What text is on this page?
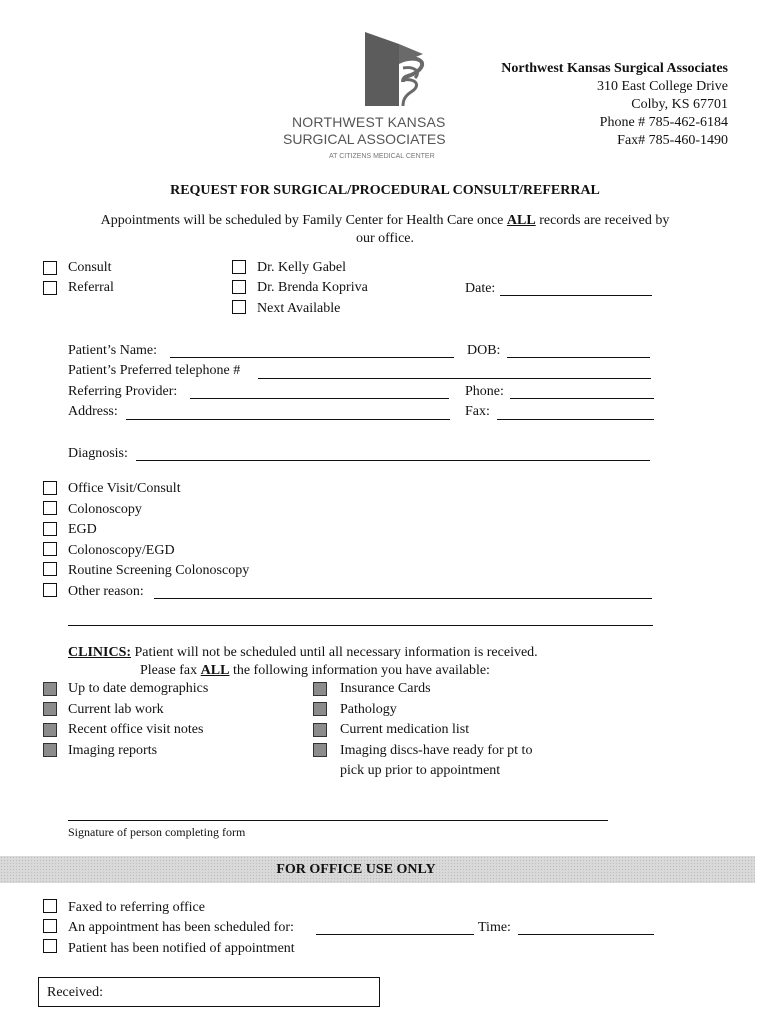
NORTHWEST KANSAS
SURGICAL ASSOCIATES
AT CITIZENS MEDICAL CENTER
Northwest Kansas Surgical Associates
310 East College Drive
Colby, KS 67701
Phone # 785-462-6184
Fax# 785-460-1490
REQUEST FOR SURGICAL/PROCEDURAL CONSULT/REFERRAL
Appointments will be scheduled by Family Center for Health Care once ALL records are received by
our office.
Consult
Referral
Dr. Kelly Gabel
Dr. Brenda Kopriva
Next Available
Date:
Patient’s Name:	DOB:
Patient’s Preferred telephone #
Referring Provider:	Phone:
Address:	Fax:
Diagnosis:
Office Visit/Consult
Colonoscopy
EGD
Colonoscopy/EGD
Routine Screening Colonoscopy
Other reason:
CLINICS: Patient will not be scheduled until all necessary information is received.
Please fax ALL the following information you have available:
Up to date demographics
Current lab work
Recent office visit notes
Imaging reports
Insurance Cards
Pathology
Current medication list
Imaging discs-have ready for pt to
pick up prior to appointment
Signature of person completing form
FOR OFFICE USE ONLY
Faxed to referring office
An appointment has been scheduled for:	Time:
Patient has been notified of appointment
Received:
